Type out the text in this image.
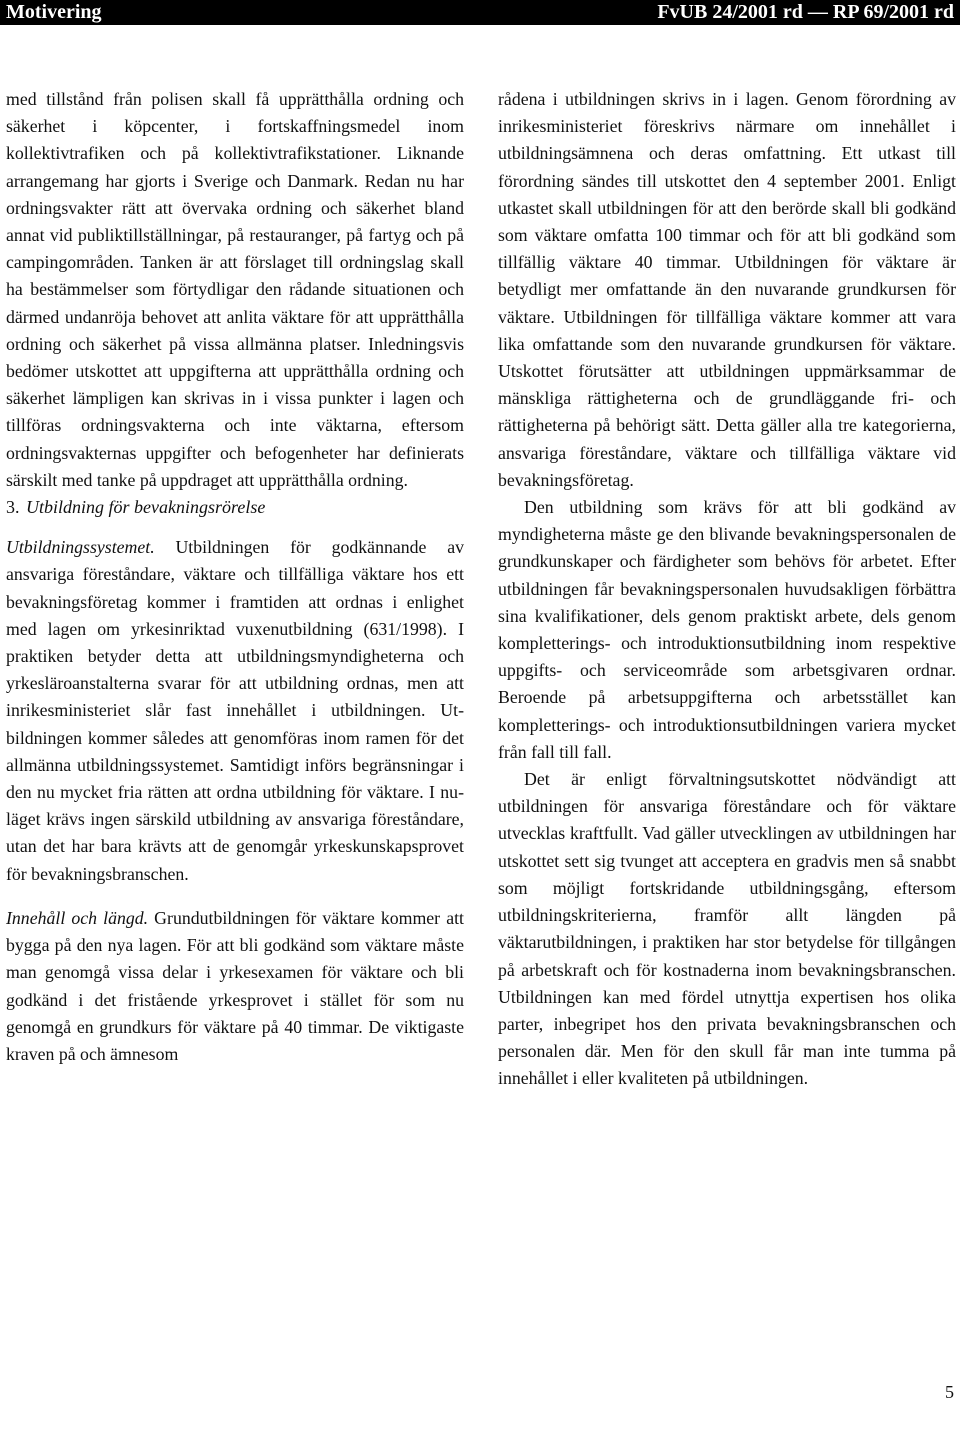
Motivering	FvUB 24/2001 rd — RP 69/2001 rd

med tillstånd från polisen skall få upprätthålla ordning och säkerhet i köpcenter, i fortskaffningsmedel inom kollektivtrafiken och på kollektivtrafikstationer. Liknande arrangemang har gjorts i Sverige och Danmark. Redan nu har ordningsvakter rätt att övervaka ordning och säkerhet bland annat vid publiktillställningar, på restauranger, på fartyg och på campingområden. Tanken är att förslaget till ordningslag skall ha bestämmelser som förtydligar den rådande situationen och därmed undanröja behovet att anlita väktare för att upprätthålla ordning och säkerhet på vissa allmänna platser. Inledningsvis bedömer utskottet att uppgifterna att upprätthålla ordning och säkerhet lämpligen kan skrivas in i vissa punkter i lagen och tillföras ordningsvakterna och inte väktarna, eftersom ordningsvakternas uppgifter och befogenheter har definierats särskilt med tanke på uppdraget att upprätthålla ordning.

3. Utbildning för bevakningsrörelse

Utbildningssystemet. Utbildningen för godkännande av ansvariga föreståndare, väktare och tillfälliga väktare hos ett bevakningsföretag kommer i framtiden att ordnas i enlighet med lagen om yrkesinriktad vuxenutbildning (631/1998). I praktiken betyder detta att utbildningsmyndigheterna och yrkesläroanstalterna svarar för att utbildning ordnas, men att inrikesministeriet slår fast innehållet i utbildningen. Utbildningen kommer således att genomföras inom ramen för det allmänna utbildningssystemet. Samtidigt införs begränsningar i den nu mycket fria rätten att ordna utbildning för väktare. I nuläget krävs ingen särskild utbildning av ansvariga föreståndare, utan det har bara krävts att de genomgår yrkeskunskapsprovet för bevakningsbranschen.

Innehåll och längd. Grundutbildningen för väktare kommer att bygga på den nya lagen. För att bli godkänd som väktare måste man genomgå vissa delar i yrkesexamen för väktare och bli godkänd i det fristående yrkesprovet i stället för som nu genomgå en grundkurs för väktare på 40 timmar. De viktigaste kraven på och ämnesom

rådena i utbildningen skrivs in i lagen. Genom förordning av inrikesministeriet föreskrivs närmare om innehållet i utbildningsämnena och deras omfattning. Ett utkast till förordning sändes till utskottet den 4 september 2001. Enligt utkastet skall utbildningen för att den berörde skall bli godkänd som väktare omfatta 100 timmar och för att bli godkänd som tillfällig väktare 40 timmar. Utbildningen för väktare är betydligt mer omfattande än den nuvarande grundkursen för väktare. Utbildningen för tillfälliga väktare kommer att vara lika omfattande som den nuvarande grundkursen för väktare. Utskottet förutsätter att utbildningen uppmärksammar de mänskliga rättigheterna och de grundläggande fri- och rättigheterna på behörigt sätt. Detta gäller alla tre kategorierna, ansvariga föreståndare, väktare och tillfälliga väktare vid bevakningsföretag.

Den utbildning som krävs för att bli godkänd av myndigheterna måste ge den blivande bevakningspersonalen de grundkunskaper och färdigheter som behövs för arbetet. Efter utbildningen får bevakningspersonalen huvudsakligen förbättra sina kvalifikationer, dels genom praktiskt arbete, dels genom kompletterings- och introduktionsutbildning inom respektive uppgifts- och serviceområde som arbetsgivaren ordnar. Beroende på arbetsuppgifterna och arbetsstället kan kompletterings- och introduktionsutbildningen variera mycket från fall till fall.

Det är enligt förvaltningsutskottet nödvändigt att utbildningen för ansvariga föreståndare och för väktare utvecklas kraftfullt. Vad gäller utvecklingen av utbildningen har utskottet sett sig tvunget att acceptera en gradvis men så snabbt som möjligt fortskridande utbildningsgång, eftersom utbildningskriterierna, framför allt längden på väktarutbildningen, i praktiken har stor betydelse för tillgången på arbetskraft och för kostnaderna inom bevakningsbranschen. Utbildningen kan med fördel utnyttja expertisen hos olika parter, inbegripet hos den privata bevakningsbranschen och personalen där. Men för den skull får man inte tumma på innehållet i eller kvaliteten på utbildningen.

5
